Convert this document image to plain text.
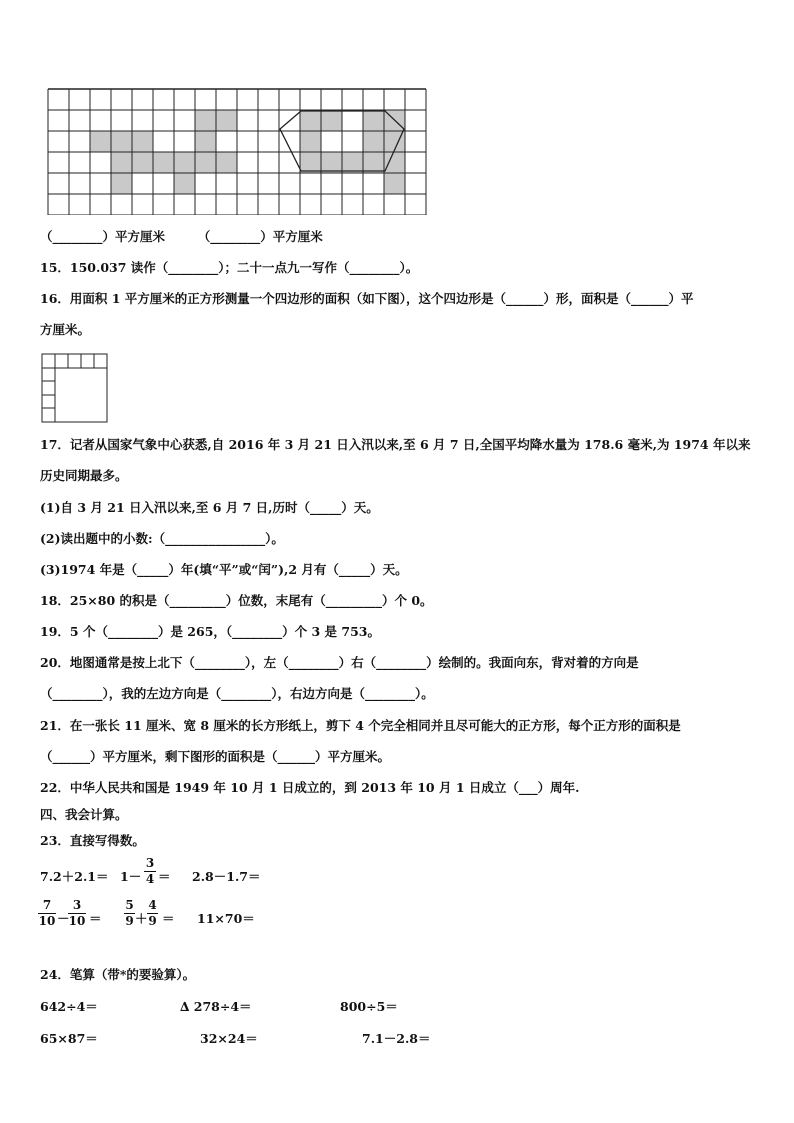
（________）平方厘米	（________）平方厘米
15．150.037 读作（________）；二十一点九一写作（________）。
16．用面积 1 平方厘米的正方形测量一个四边形的面积（如下图），这个四边形是（______）形，面积是（______）平
方厘米。
17．记者从国家气象中心获悉,自 2016 年 3 月 21 日入汛以来,至 6 月 7 日,全国平均降水量为 178.6 毫米,为 1974 年以来
历史同期最多。
(1)自 3 月 21 日入汛以来,至 6 月 7 日,历时（_____）天。
(2)读出题中的小数:（________________）。
(3)1974 年是（_____）年(填“平”或“闰”),2 月有（_____）天。
18．25×80 的积是（_________）位数，末尾有（_________）个 0。
19．5 个（________）是 265，（________）个 3 是 753。
20．地图通常是按上北下（________），左（________）右（________）绘制的。我面向东，背对着的方向是
（________），我的左边方向是（________），右边方向是（________）。
21．在一张长 11 厘米、宽 8 厘米的长方形纸上，剪下 4 个完全相同并且尽可能大的正方形，每个正方形的面积是
（______）平方厘米，剩下图形的面积是（______）平方厘米。
22．中华人民共和国是 1949 年 10 月 1 日成立的，到 2013 年 10 月 1 日成立（___）周年.
四、我会计算。
23．直接写得数。
7.2＋2.1＝ 1－
3
4 ＝ 2.8－1.7＝
7
10 －
3
10 ＝
5
9 ＋
4
9 ＝ 11×70＝
24．笔算（带*的要验算）。
642÷4＝	∆ 278÷4＝	800÷5＝
65×87＝	32×24＝	7.1－2.8＝
